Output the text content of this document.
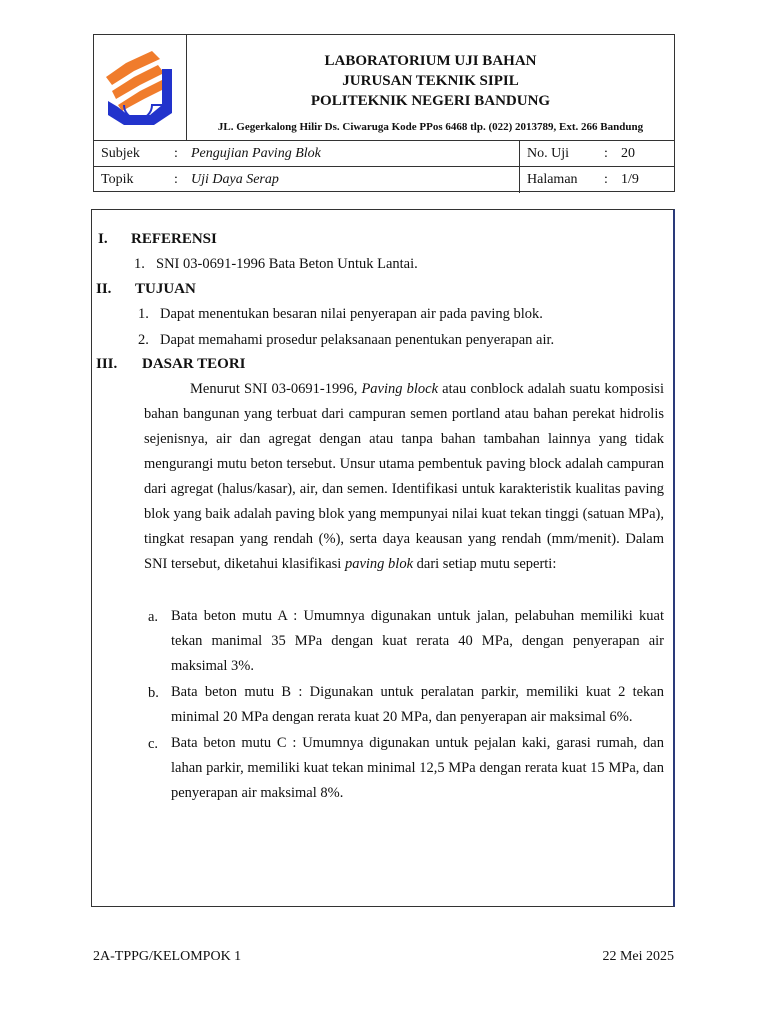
LABORATORIUM UJI BAHAN
JURUSAN TEKNIK SIPIL
POLITEKNIK NEGERI BANDUNG
JL. Gegerkalong Hilir Ds. Ciwaruga Kode PPos 6468 tlp. (022) 2013789, Ext. 266 Bandung
Subjek : Pengujian Paving Blok	No. Uji	: 20
Topik	: Uji Daya Serap	Halaman : 1/9
I. REFERENSI
1. SNI 03-0691-1996 Bata Beton Untuk Lantai.
II. TUJUAN
1. Dapat menentukan besaran nilai penyerapan air pada paving blok.
2. Dapat memahami prosedur pelaksanaan penentukan penyerapan air.
III. DASAR TEORI

Menurut SNI 03-0691-1996, Paving block atau conblock adalah suatu komposisi bahan bangunan yang terbuat dari campuran semen portland atau bahan perekat hidrolis sejenisnya, air dan agregat dengan atau tanpa bahan tambahan lainnya yang tidak mengurangi mutu beton tersebut. Unsur utama pembentuk paving block adalah campuran dari agregat (halus/kasar), air, dan semen. Identifikasi untuk karakteristik kualitas paving blok yang baik adalah paving blok yang mempunyai nilai kuat tekan tinggi (satuan MPa), tingkat resapan yang rendah (%), serta daya keausan yang rendah (mm/menit). Dalam SNI tersebut, diketahui klasifikasi paving blok dari setiap mutu seperti:

a. Bata beton mutu A : Umumnya digunakan untuk jalan, pelabuhan memiliki kuat tekan manimal 35 MPa dengan kuat rerata 40 MPa, dengan penyerapan air maksimal 3%.
b. Bata beton mutu B : Digunakan untuk peralatan parkir, memiliki kuat 2 tekan minimal 20 MPa dengan rerata kuat 20 MPa, dan penyerapan air maksimal 6%.
c. Bata beton mutu C : Umumnya digunakan untuk pejalan kaki, garasi rumah, dan lahan parkir, memiliki kuat tekan minimal 12,5 MPa dengan rerata kuat 15 MPa, dan penyerapan air maksimal 8%.
2A-TPPG/KELOMPOK 1	22 Mei 2025
